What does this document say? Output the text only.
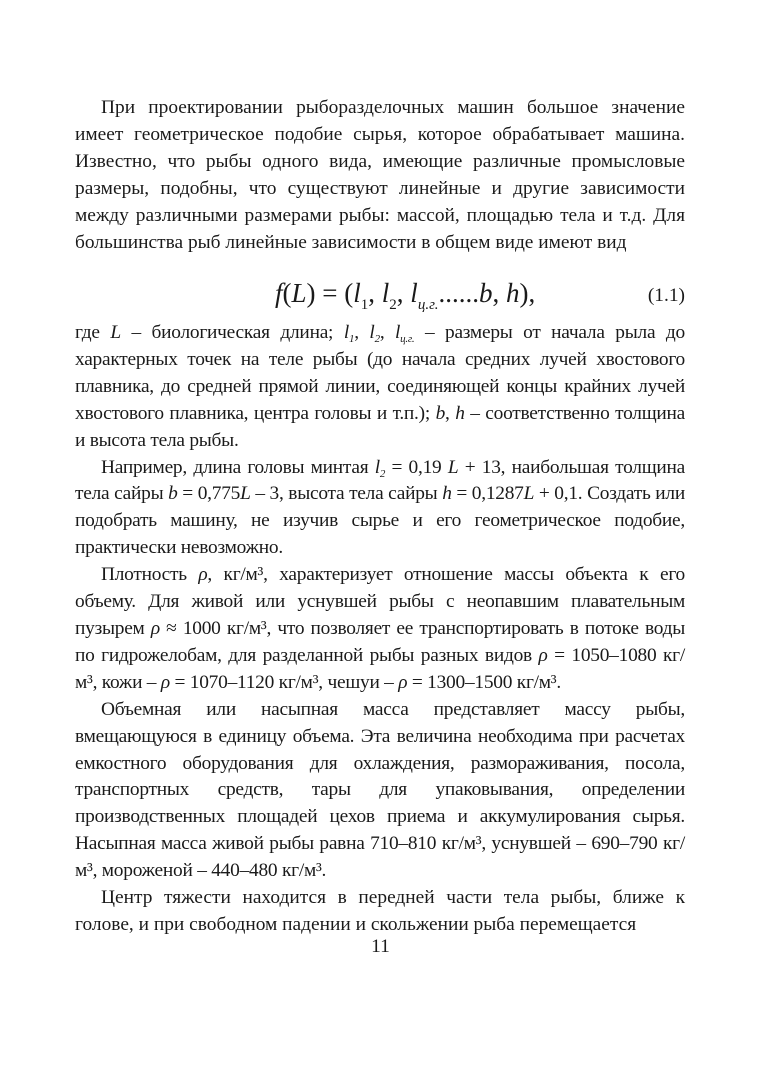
При проектировании рыборазделочных машин большое значение имеет геометрическое подобие сырья, которое обрабатывает машина. Известно, что рыбы одного вида, имеющие различные промысловые размеры, подобны, что существуют линейные и другие зависимости между различными размерами рыбы: массой, площадью тела и т.д. Для большинства рыб линейные зависимости в общем виде имеют вид

$f(L) = (l_1$, $l_2$, $l_{ц.г.}......b$, h),	(1.1)

где L – биологическая длина; $l_1$, $l_2$, $l_{ц.г.}$ – размеры от начала рыла до характерных точек на теле рыбы (до начала средних лучей хвостового плавника, до средней прямой линии, соединяющей концы крайних лучей хвостового плавника, центра головы и т.п.); b, h – соответственно толщина и высота тела рыбы.

Например, длина головы минтая $l_2 = 0,19$ L + 13, наибольшая толщина тела сайры b = 0,775L – 3, высота тела сайры h = 0,1287L + 0,1. Создать или подобрать машину, не изучив сырье и его геометрическое подобие, практически невозможно.

Плотность ρ, кг/м³, характеризует отношение массы объекта к его объему. Для живой или уснувшей рыбы с неопавшим плавательным пузырем ρ ≈ 1000 кг/м³, что позволяет ее транспортировать в потоке воды по гидрожелобам, для разделанной рыбы разных видов ρ = 1050–1080 кг/м³, кожи – ρ = 1070–1120 кг/м³, чешуи – ρ = 1300–1500 кг/м³.

Объемная или насыпная масса представляет массу рыбы, вмещающуюся в единицу объема. Эта величина необходима при расчетах емкостного оборудования для охлаждения, размораживания, посола, транспортных средств, тары для упаковывания, определении производственных площадей цехов приема и аккумулирования сырья. Насыпная масса живой рыбы равна 710–810 кг/м³, уснувшей – 690–790 кг/м³, мороженой – 440–480 кг/м³.

Центр тяжести находится в передней части тела рыбы, ближе к голове, и при свободном падении и скольжении рыба перемещается

11
